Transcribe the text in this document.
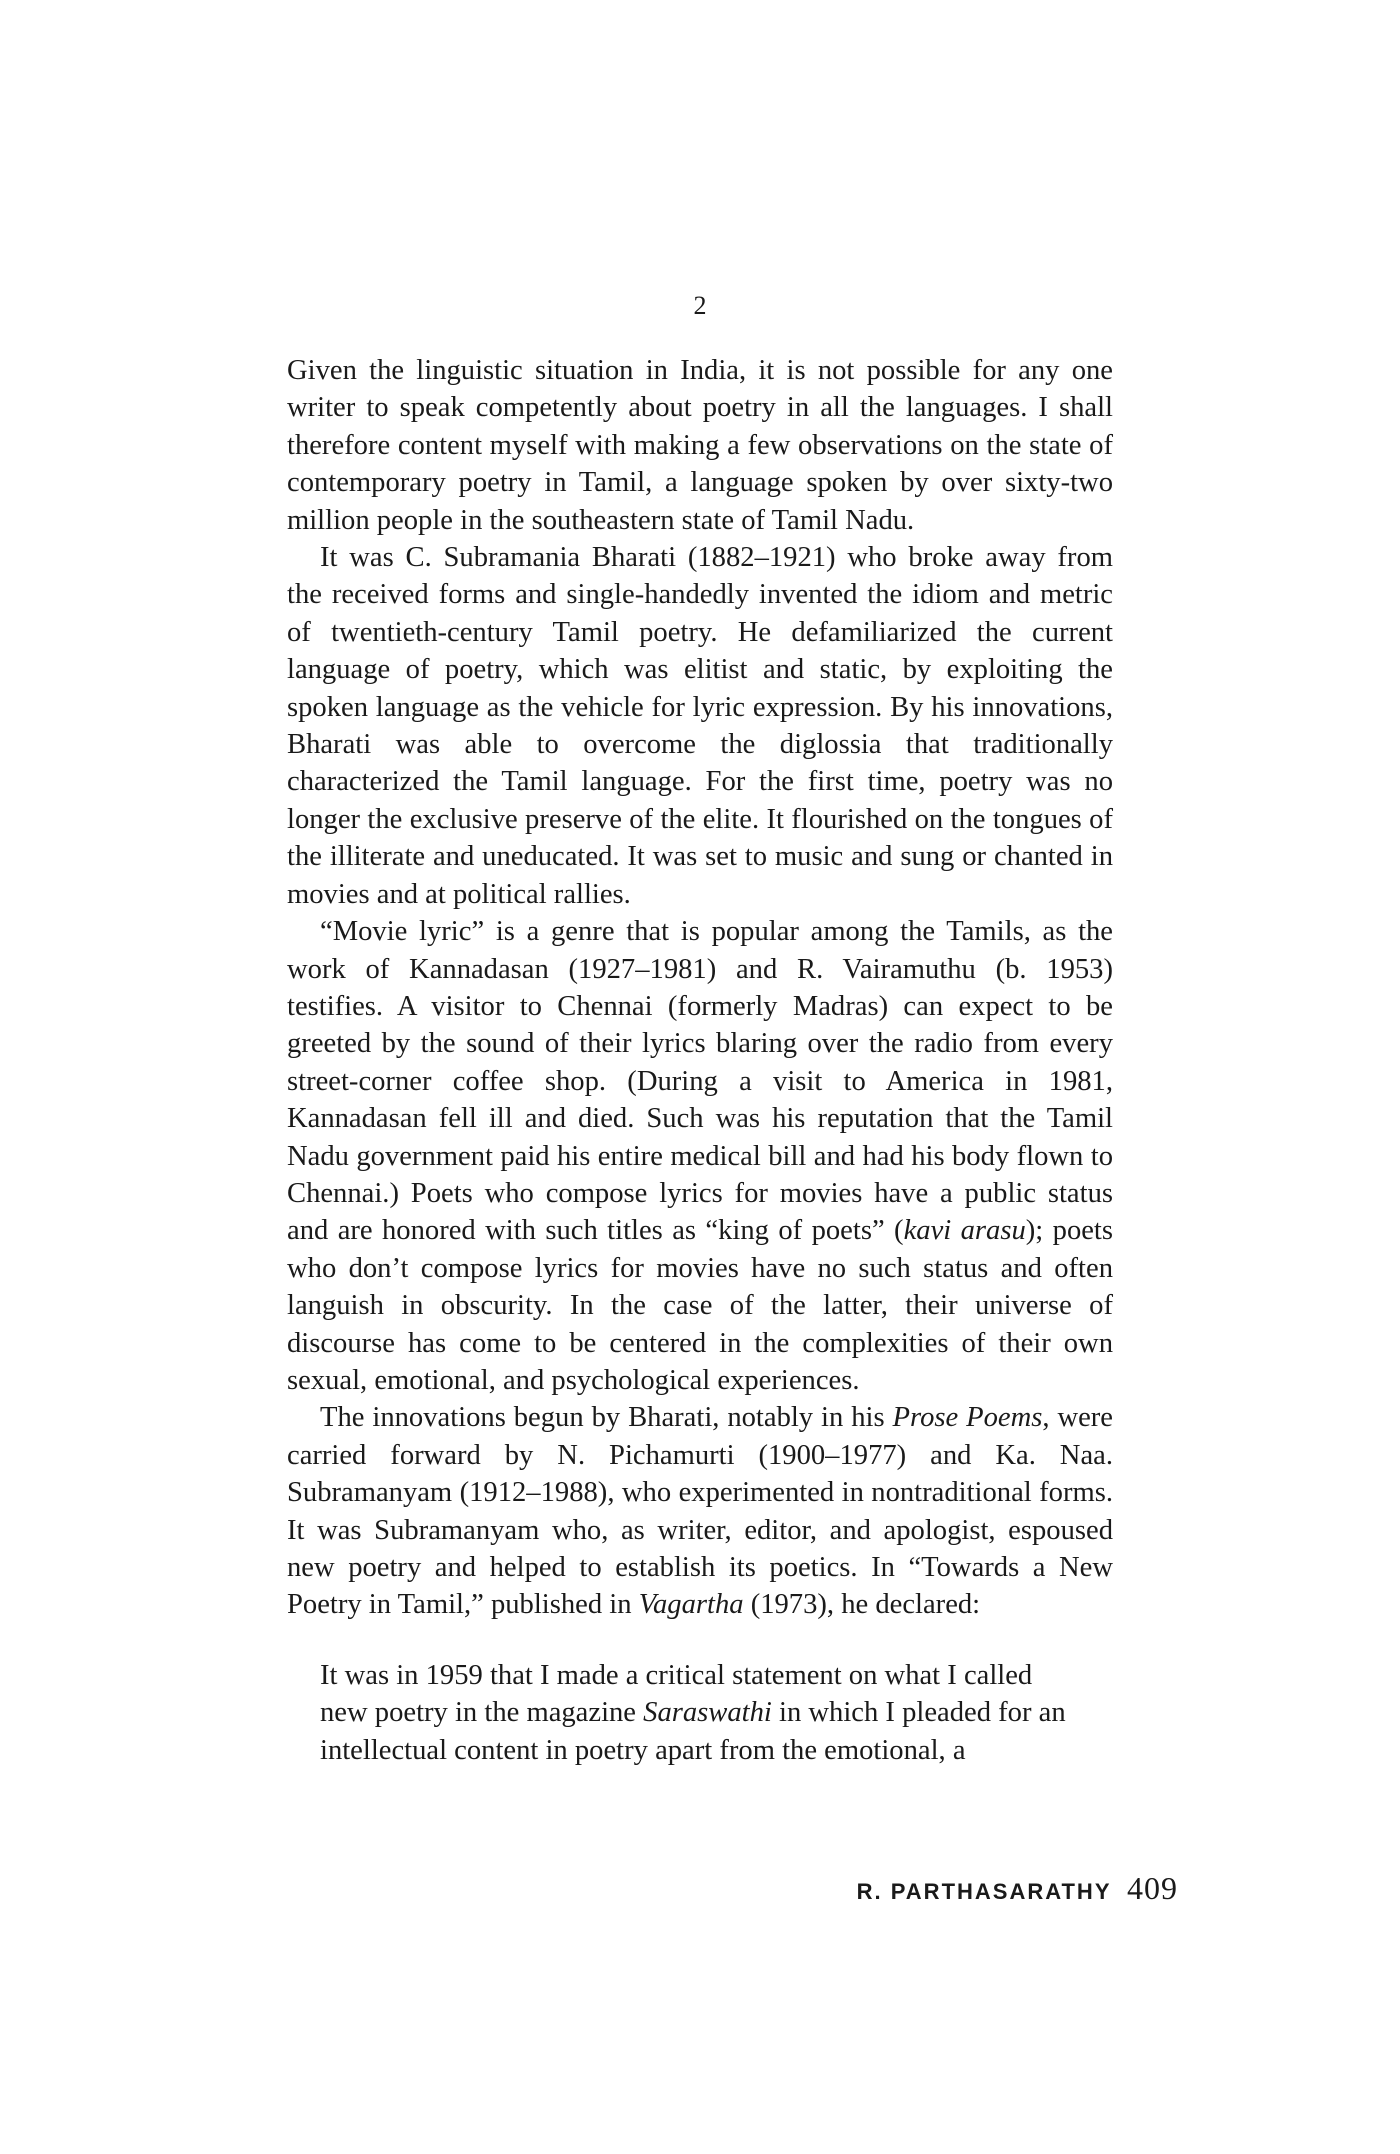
2

Given the linguistic situation in India, it is not possible for any one writer to speak competently about poetry in all the languages. I shall therefore content myself with making a few observations on the state of contemporary poetry in Tamil, a language spoken by over sixty-two million people in the southeastern state of Tamil Nadu.

It was C. Subramania Bharati (1882–1921) who broke away from the received forms and single-handedly invented the idiom and metric of twentieth-century Tamil poetry. He defamiliarized the current language of poetry, which was elitist and static, by exploiting the spoken language as the vehicle for lyric expression. By his innovations, Bharati was able to overcome the diglossia that traditionally characterized the Tamil language. For the first time, poetry was no longer the exclusive preserve of the elite. It flourished on the tongues of the illiterate and uneducated. It was set to music and sung or chanted in movies and at political rallies.

“Movie lyric” is a genre that is popular among the Tamils, as the work of Kannadasan (1927–1981) and R. Vairamuthu (b. 1953) testifies. A visitor to Chennai (formerly Madras) can expect to be greeted by the sound of their lyrics blaring over the radio from every street-corner coffee shop. (During a visit to America in 1981, Kannadasan fell ill and died. Such was his reputation that the Tamil Nadu government paid his entire medical bill and had his body flown to Chennai.) Poets who compose lyrics for movies have a public status and are honored with such titles as “king of poets” (kavi arasu); poets who don’t compose lyrics for movies have no such status and often languish in obscurity. In the case of the latter, their universe of discourse has come to be centered in the complexities of their own sexual, emotional, and psychological experiences.

The innovations begun by Bharati, notably in his Prose Poems, were carried forward by N. Pichamurti (1900–1977) and Ka. Naa. Subramanyam (1912–1988), who experimented in nontraditional forms. It was Subramanyam who, as writer, editor, and apologist, espoused new poetry and helped to establish its poetics. In “Towards a New Poetry in Tamil,” published in Vagartha (1973), he declared:

It was in 1959 that I made a critical statement on what I called new poetry in the magazine Saraswathi in which I pleaded for an intellectual content in poetry apart from the emotional, a

R. PARTHASARATHY 409
